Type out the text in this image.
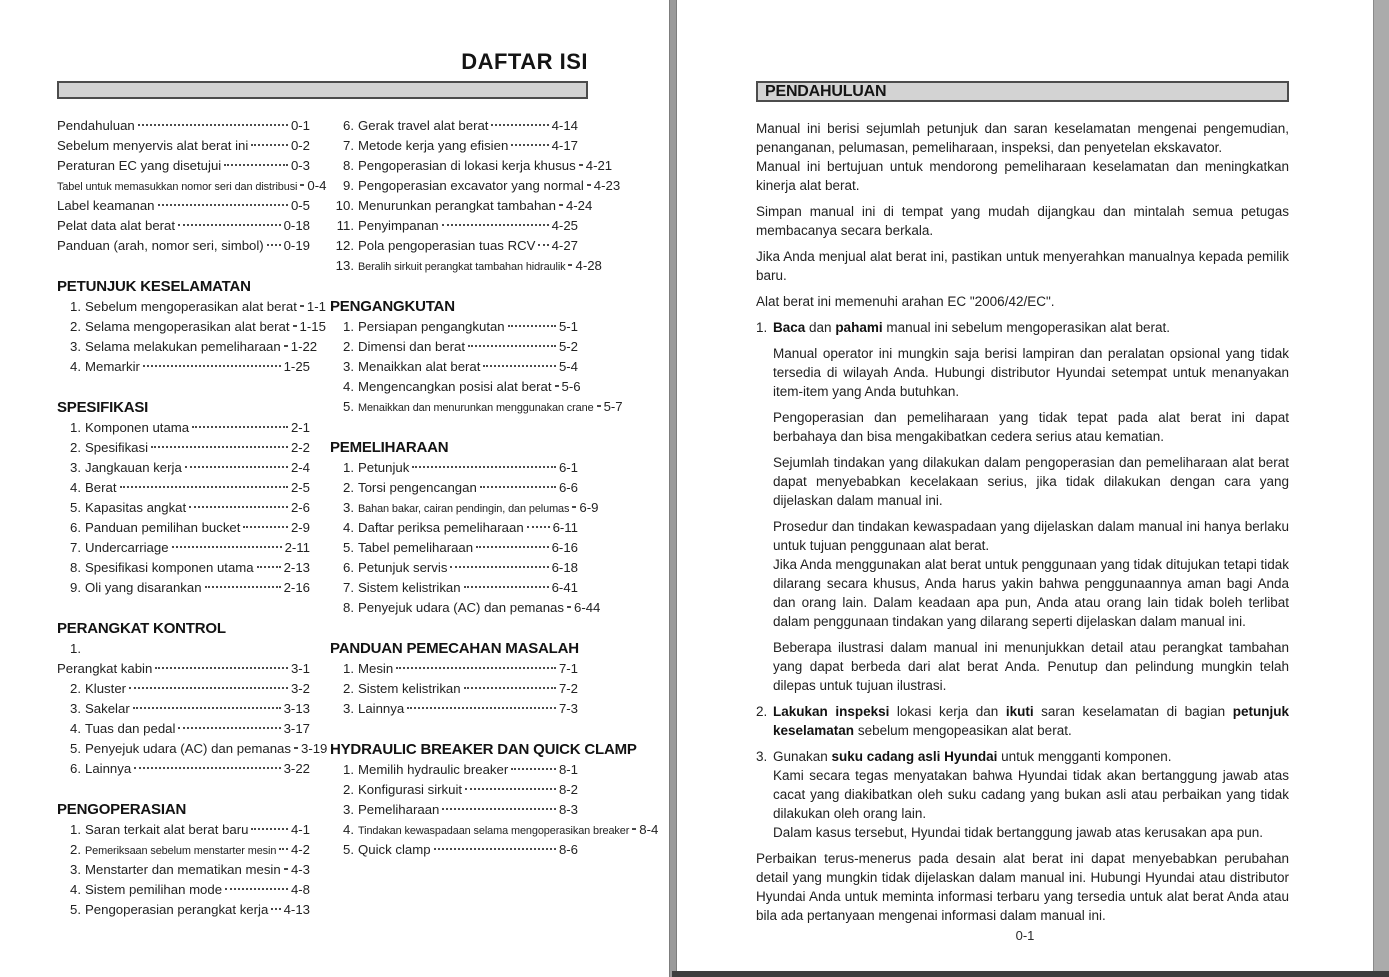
DAFTAR ISI
Pendahuluan	0-1
Sebelum menyervis alat berat ini	0-2
Peraturan EC yang disetujui	0-3
Tabel untuk memasukkan nomor seri dan distribusi 0-4
Label keamanan	0-5
Pelat data alat berat	0-18
Panduan (arah, nomor seri, simbol) 0-19
PETUNJUK KESELAMATAN
1. Sebelum mengoperasikan alat berat 1-1
2. Selama mengoperasikan alat berat 1-15
3. Selama melakukan pemeliharaan 1-22
4. Memarkir	1-25
SPESIFIKASI
1. Komponen utama	2-1
2. Spesifikasi	2-2
3. Jangkauan kerja	2-4
4. Berat	2-5
5. Kapasitas angkat	2-6
6. Panduan pemilihan bucket	2-9
7. Undercarriage	2-11
8. Spesifikasi komponen utama 2-13
9. Oli yang disarankan	2-16
PERANGKAT KONTROL
1.
Perangkat kabin	3-1
2. Kluster	3-2
3. Sakelar	3-13
4. Tuas dan pedal	3-17
5. Penyejuk udara (AC) dan pemanas 3-19
6. Lainnya	3-22
PENGOPERASIAN
1. Saran terkait alat berat baru	4-1
2. Pemeriksaan sebelum menstarter mesin 4-2
3. Menstarter dan mematikan mesin 4-3
4. Sistem pemilihan mode	4-8
5. Pengoperasian perangkat kerja 4-13
6. Gerak travel alat berat	4-14
7. Metode kerja yang efisien	4-17
8. Pengoperasian di lokasi kerja khusus 4-21
9. Pengoperasian excavator yang normal 4-23
10. Menurunkan perangkat tambahan 4-24
11. Penyimpanan	4-25
12. Pola pengoperasian tuas RCV 4-27
13. Beralih sirkuit perangkat tambahan hidraulik 4-28
PENGANGKUTAN
1. Persiapan pengangkutan	5-1
2. Dimensi dan berat	5-2
3. Menaikkan alat berat	5-4
4. Mengencangkan posisi alat berat 5-6
5. Menaikkan dan menurunkan menggunakan crane 5-7
PEMELIHARAAN
1. Petunjuk	6-1
2. Torsi pengencangan	6-6
3. Bahan bakar, cairan pendingin, dan pelumas 6-9
4. Daftar periksa pemeliharaan 6-11
5. Tabel pemeliharaan	6-16
6. Petunjuk servis	6-18
7. Sistem kelistrikan	6-41
8. Penyejuk udara (AC) dan pemanas 6-44
PANDUAN PEMECAHAN MASALAH
1. Mesin	7-1
2. Sistem kelistrikan	7-2
3. Lainnya	7-3
HYDRAULIC BREAKER DAN QUICK CLAMP
1. Memilih hydraulic breaker	8-1
2. Konfigurasi sirkuit	8-2
3. Pemeliharaan	8-3
4. Tindakan kewaspadaan selama mengoperasikan breaker 8-4
5. Quick clamp	8-6
PENDAHULUAN
Manual ini berisi sejumlah petunjuk dan saran keselamatan mengenai pengemudian, penanganan, pelumasan, pemeliharaan, inspeksi, dan penyetelan ekskavator.
Manual ini bertujuan untuk mendorong pemeliharaan keselamatan dan meningkatkan kinerja alat berat.
Simpan manual ini di tempat yang mudah dijangkau dan mintalah semua petugas membacanya secara berkala.
Jika Anda menjual alat berat ini, pastikan untuk menyerahkan manualnya kepada pemilik baru.
Alat berat ini memenuhi arahan EC "2006/42/EC".
1. Baca dan pahami manual ini sebelum mengoperasikan alat berat.
Manual operator ini mungkin saja berisi lampiran dan peralatan opsional yang tidak tersedia di wilayah Anda. Hubungi distributor Hyundai setempat untuk menanyakan item-item yang Anda butuhkan.
Pengoperasian dan pemeliharaan yang tidak tepat pada alat berat ini dapat berbahaya dan bisa mengakibatkan cedera serius atau kematian.
Sejumlah tindakan yang dilakukan dalam pengoperasian dan pemeliharaan alat berat dapat menyebabkan kecelakaan serius, jika tidak dilakukan dengan cara yang dijelaskan dalam manual ini.
Prosedur dan tindakan kewaspadaan yang dijelaskan dalam manual ini hanya berlaku untuk tujuan penggunaan alat berat.
Jika Anda menggunakan alat berat untuk penggunaan yang tidak ditujukan tetapi tidak dilarang secara khusus, Anda harus yakin bahwa penggunaannya aman bagi Anda dan orang lain. Dalam keadaan apa pun, Anda atau orang lain tidak boleh terlibat dalam penggunaan tindakan yang dilarang seperti dijelaskan dalam manual ini.
Beberapa ilustrasi dalam manual ini menunjukkan detail atau perangkat tambahan yang dapat berbeda dari alat berat Anda. Penutup dan pelindung mungkin telah dilepas untuk tujuan ilustrasi.
2. Lakukan inspeksi lokasi kerja dan ikuti saran keselamatan di bagian petunjuk keselamatan sebelum mengopeasikan alat berat.
3. Gunakan suku cadang asli Hyundai untuk mengganti komponen.
Kami secara tegas menyatakan bahwa Hyundai tidak akan bertanggung jawab atas cacat yang diakibatkan oleh suku cadang yang bukan asli atau perbaikan yang tidak dilakukan oleh orang lain.
Dalam kasus tersebut, Hyundai tidak bertanggung jawab atas kerusakan apa pun.
Perbaikan terus-menerus pada desain alat berat ini dapat menyebabkan perubahan detail yang mungkin tidak dijelaskan dalam manual ini. Hubungi Hyundai atau distributor Hyundai Anda untuk meminta informasi terbaru yang tersedia untuk alat berat Anda atau bila ada pertanyaan mengenai informasi dalam manual ini.
0-1
